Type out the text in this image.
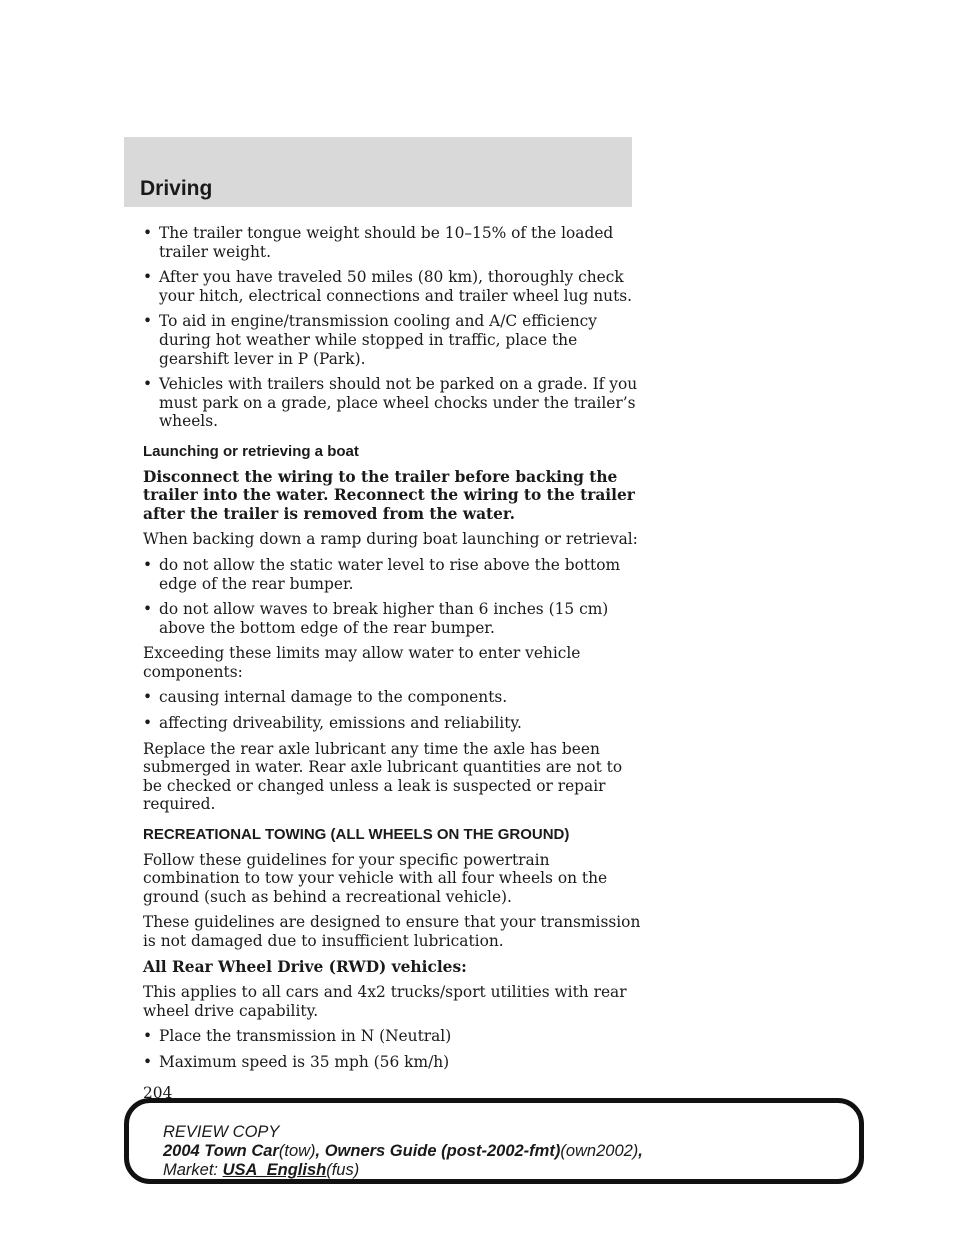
Driving
• The trailer tongue weight should be 10–15% of the loaded trailer weight.
• After you have traveled 50 miles (80 km), thoroughly check your hitch, electrical connections and trailer wheel lug nuts.
• To aid in engine/transmission cooling and A/C efficiency during hot weather while stopped in traffic, place the gearshift lever in P (Park).
• Vehicles with trailers should not be parked on a grade. If you must park on a grade, place wheel chocks under the trailer’s wheels.
Launching or retrieving a boat

Disconnect the wiring to the trailer before backing the trailer into the water. Reconnect the wiring to the trailer after the trailer is removed from the water.

When backing down a ramp during boat launching or retrieval:

• do not allow the static water level to rise above the bottom edge of the rear bumper.
• do not allow waves to break higher than 6 inches (15 cm) above the bottom edge of the rear bumper.

Exceeding these limits may allow water to enter vehicle components:

• causing internal damage to the components.
• affecting driveability, emissions and reliability.

Replace the rear axle lubricant any time the axle has been submerged in water. Rear axle lubricant quantities are not to be checked or changed unless a leak is suspected or repair required.

RECREATIONAL TOWING (ALL WHEELS ON THE GROUND)

Follow these guidelines for your specific powertrain combination to tow your vehicle with all four wheels on the ground (such as behind a recreational vehicle).

These guidelines are designed to ensure that your transmission is not damaged due to insufficient lubrication.

All Rear Wheel Drive (RWD) vehicles:

This applies to all cars and 4x2 trucks/sport utilities with rear wheel drive capability.

• Place the transmission in N (Neutral)
• Maximum speed is 35 mph (56 km/h)
204
REVIEW COPY
2004 Town Car(tow), Owners Guide (post-2002-fmt)(own2002),
Market: USA_English(fus)
